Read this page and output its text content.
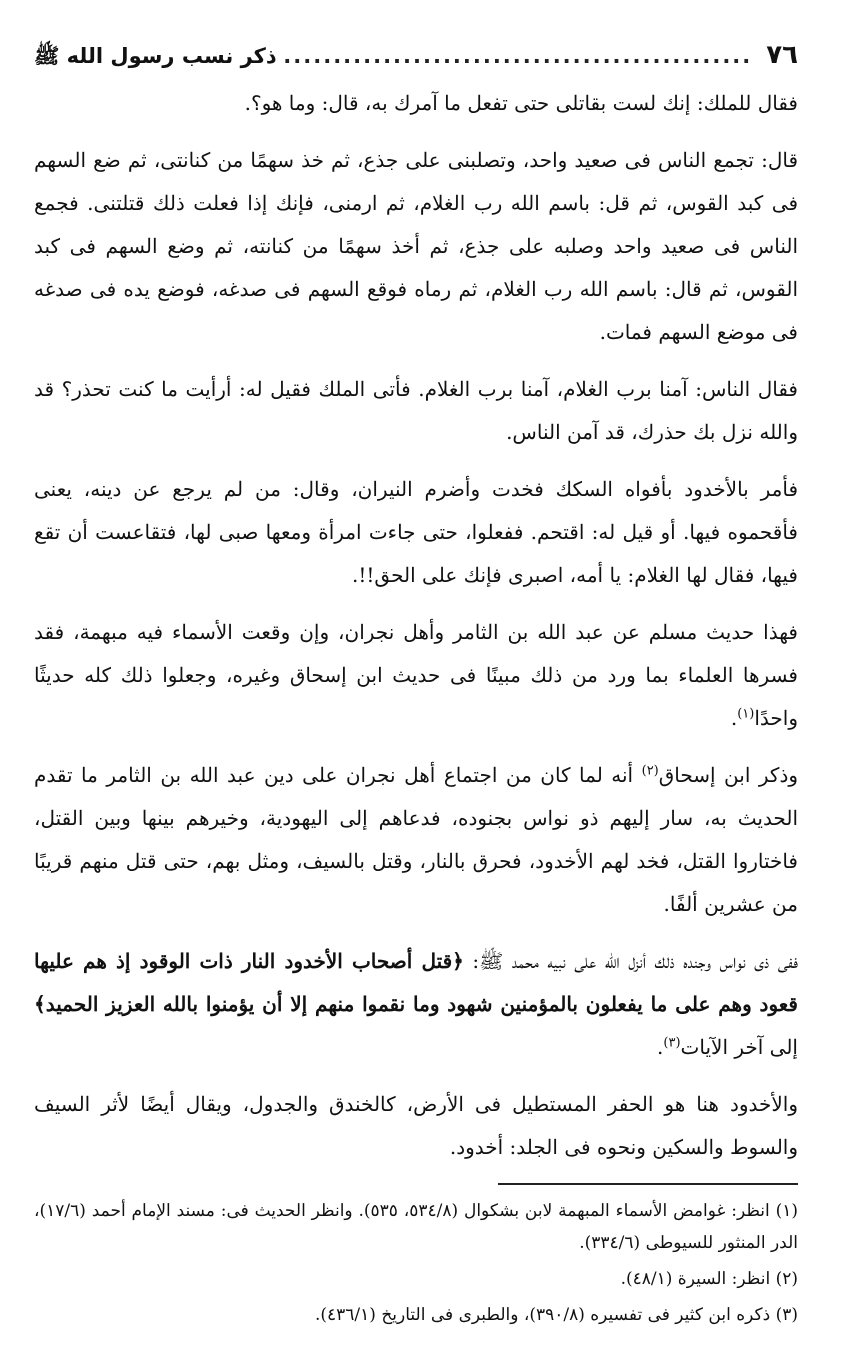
٧٦
.....
ذكر نسب رسول الله ﷺ

فقال للملك: إنك لست بقاتلى حتى تفعل ما آمرك به، قال: وما هو؟.

قال: تجمع الناس فى صعيد واحد، وتصلبنى على جذع، ثم خذ سهمًا من كنانتى، ثم ضع السهم فى كبد القوس، ثم قل: باسم الله رب الغلام، ثم ارمنى، فإنك إذا فعلت ذلك قتلتنى. فجمع الناس فى صعيد واحد وصلبه على جذع، ثم أخذ سهمًا من كنانته، ثم وضع السهم فى كبد القوس، ثم قال: باسم الله رب الغلام، ثم رماه فوقع السهم فى صدغه، فوضع يده فى صدغه فى موضع السهم فمات.

فقال الناس: آمنا برب الغلام، آمنا برب الغلام. فأتى الملك فقيل له: أرأيت ما كنت تحذر؟ قد والله نزل بك حذرك، قد آمن الناس.

فأمر بالأخدود بأفواه السكك فخدت وأضرم النيران، وقال: من لم يرجع عن دينه، يعنى فأقحموه فيها. أو قيل له: اقتحم. ففعلوا، حتى جاءت امرأة ومعها صبى لها، فتقاعست أن تقع فيها، فقال لها الغلام: يا أمه، اصبرى فإنك على الحق!!.

فهذا حديث مسلم عن عبد الله بن الثامر وأهل نجران، وإن وقعت الأسماء فيه مبهمة، فقد فسرها العلماء بما ورد من ذلك مبينًا فى حديث ابن إسحاق وغيره، وجعلوا ذلك كله حديثًا واحدًا$^{(١)}$.

وذكر ابن إسحاق$^{(٢)}$ أنه لما كان من اجتماع أهل نجران على دين عبد الله بن الثامر ما تقدم الحديث به، سار إليهم ذو نواس بجنوده، فدعاهم إلى اليهودية، وخيرهم بينها وبين القتل، فاختاروا القتل، فخد لهم الأخدود، فحرق بالنار، وقتل بالسيف، ومثل بهم، حتى قتل منهم قريبًا من عشرين ألفًا.

ففى ذى نواس وجنده ذلك أنزل الله على نبيه محمد ﷺ: ﴿قتل أصحاب الأخدود النار ذات الوقود إذ هم عليها قعود وهم على ما يفعلون بالمؤمنين شهود وما نقموا منهم إلا أن يؤمنوا بالله العزيز الحميد﴾ إلى آخر الآيات$^{(٣)}$.

والأخدود هنا هو الحفر المستطيل فى الأرض، كالخندق والجدول، ويقال أيضًا لأثر السيف والسوط والسكين ونحوه فى الجلد: أخدود.

(١) انظر: غوامض الأسماء المبهمة لابن بشكوال (٥٣٤/٨، ٥٣٥). وانظر الحديث فى: مسند الإمام أحمد (١٧/٦)، الدر المنثور للسيوطى (٣٣٤/٦).

(٢) انظر: السيرة (٤٨/١).

(٣) ذكره ابن كثير فى تفسيره (٣٩٠/٨)، والطبرى فى التاريخ (٤٣٦/١).
